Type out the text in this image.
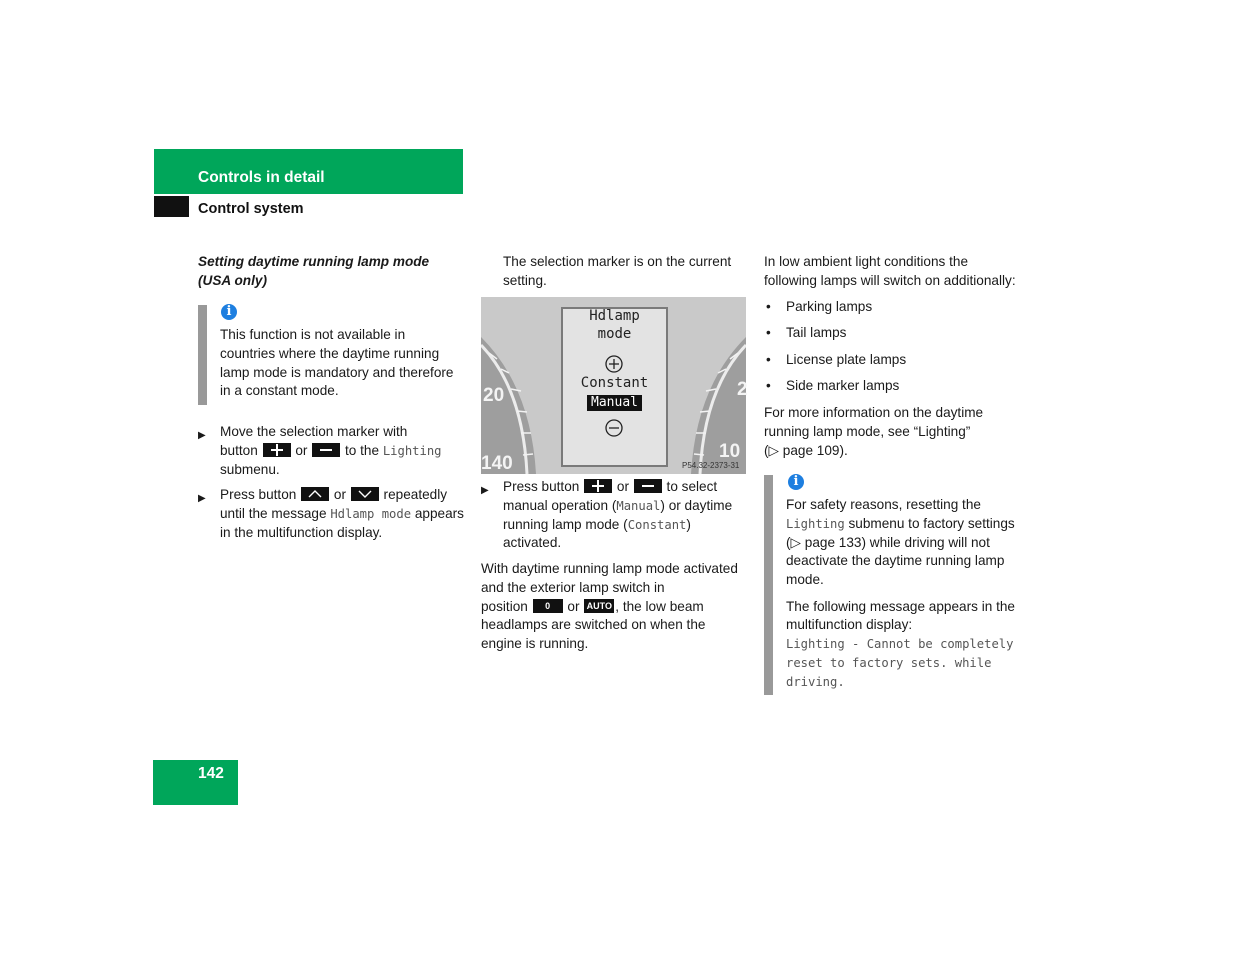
Controls in detail
Control system
Setting daytime running lamp mode
(USA only)
i
This function is not available in
countries where the daytime running
lamp mode is mandatory and therefore
in a constant mode.
▶ Move the selection marker with
button	or	to the Lighting
submenu.
▶ Press button	or	repeatedly
until the message Hdlamp mode appears
in the multifunction display.
The selection marker is on the current
setting.
Hdlamp
mode
Constant
Manual
20
140
2
10
P54.32-2373-31
▶ Press button	or	to select
manual operation (Manual) or daytime
running lamp mode (Constant)
activated.
With daytime running lamp mode activated
and the exterior lamp switch in
position 0 or AUTO , the low beam
headlamps are switched on when the
engine is running.
In low ambient light conditions the
following lamps will switch on additionally:
• Parking lamps
• Tail lamps
• License plate lamps
• Side marker lamps
For more information on the daytime
running lamp mode, see “Lighting”
(▷ page 109).
i
For safety reasons, resetting the
Lighting submenu to factory settings
(▷ page 133) while driving will not
deactivate the daytime running lamp
mode.
The following message appears in the
multifunction display:
Lighting - Cannot be completely
reset to factory sets. while
driving.
142
